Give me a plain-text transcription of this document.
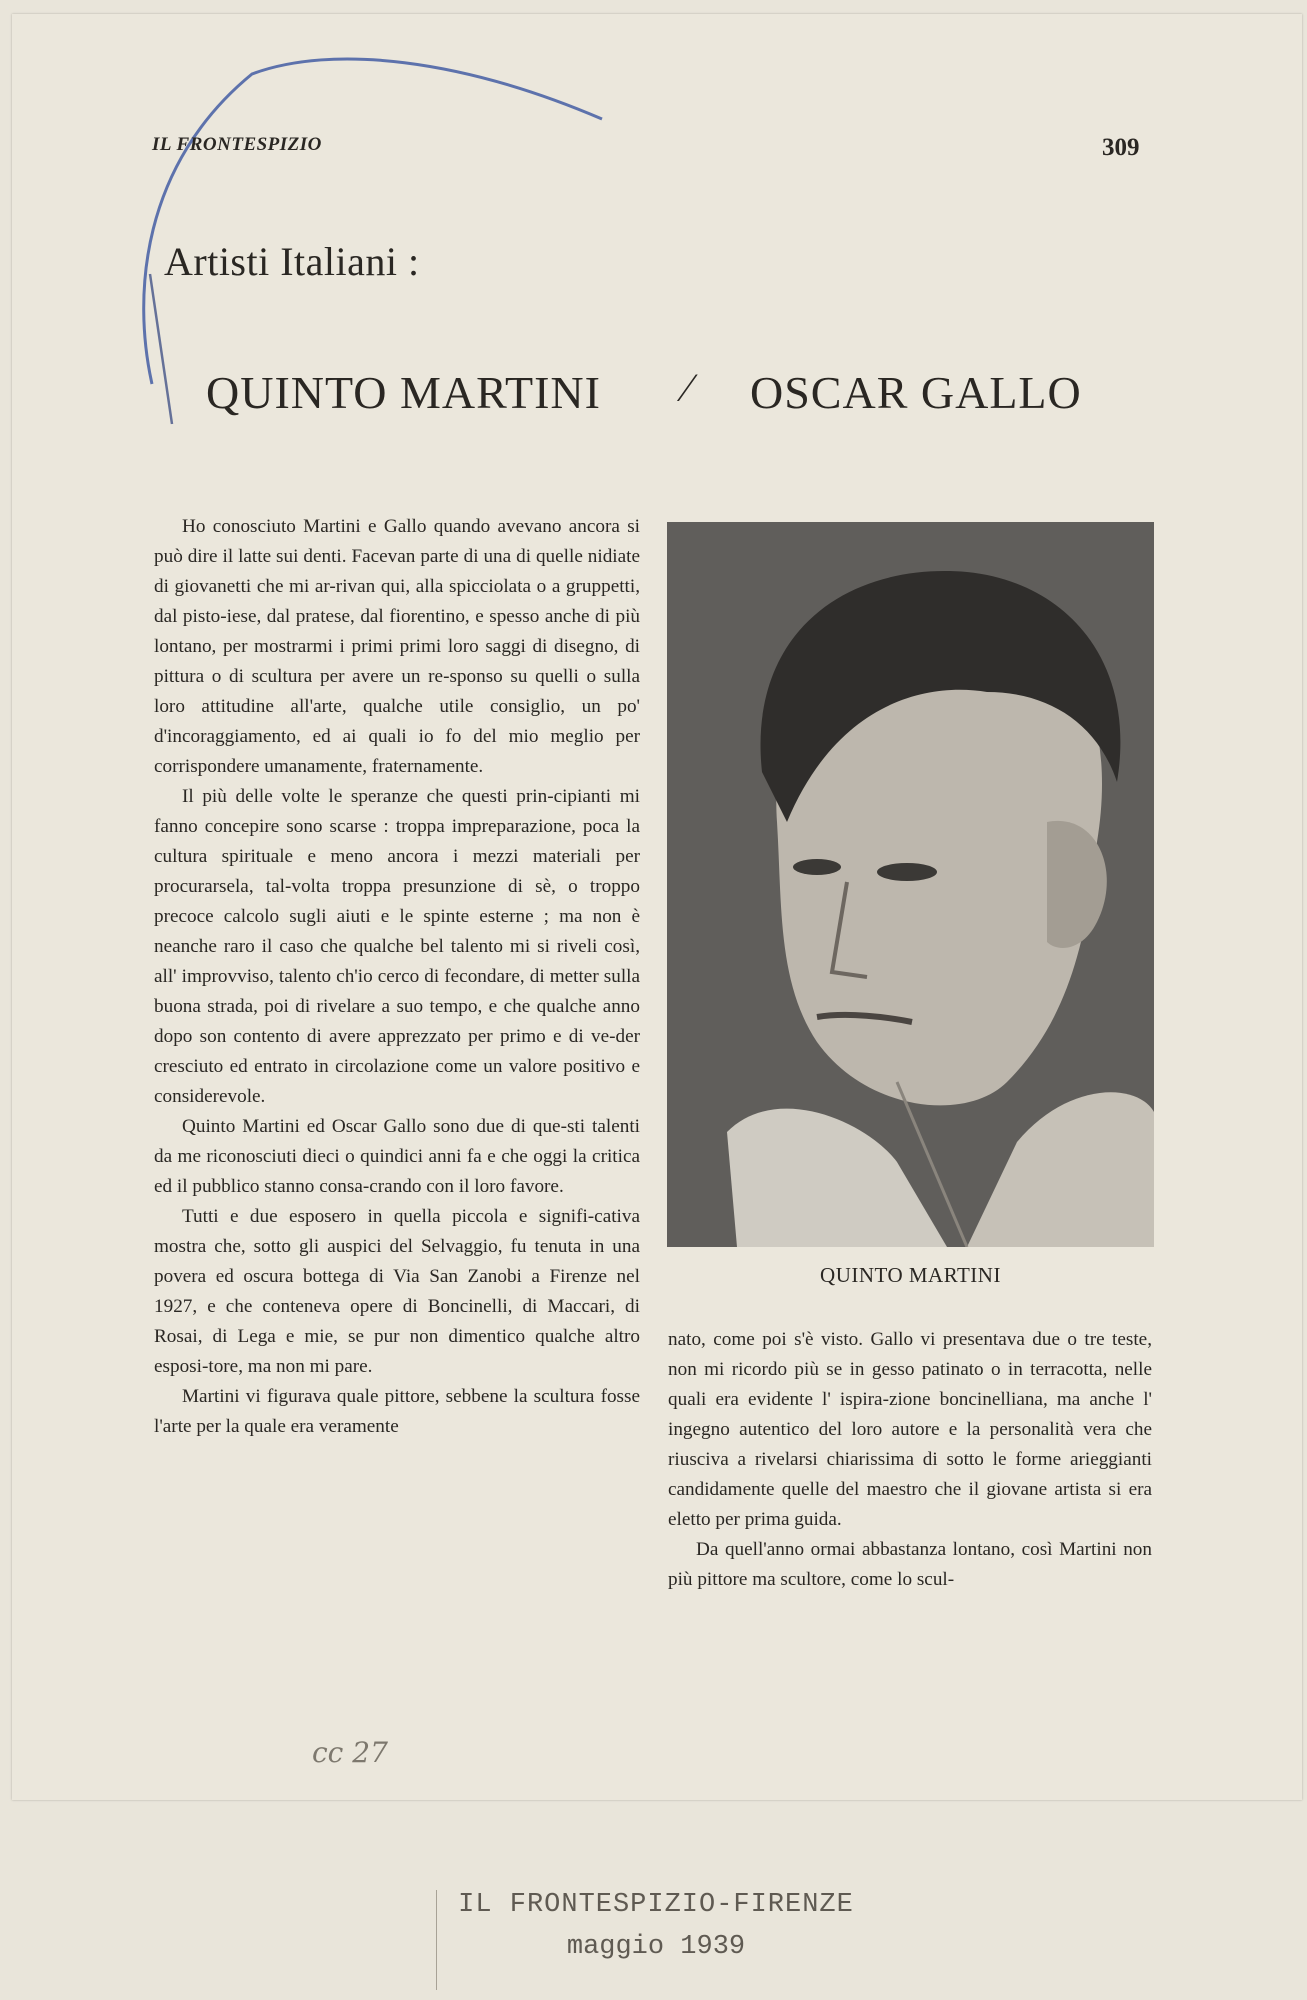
IL FRONTESPIZIO	309
Artisti Italiani :
QUINTO MARTINI ⁄ OSCAR GALLO

Ho conosciuto Martini e Gallo quando avevano ancora si può dire il latte sui denti. Facevan parte di una di quelle nidiate di giovanetti che mi ar-rivan qui, alla spicciolata o a gruppetti, dal pisto-iese, dal pratese, dal fiorentino, e spesso anche di più lontano, per mostrarmi i primi primi loro saggi di disegno, di pittura o di scultura per avere un re-sponso su quelli o sulla loro attitudine all'arte, qualche utile consiglio, un po' d'incoraggiamento, ed ai quali io fo del mio meglio per corrispondere umanamente, fraternamente.

Il più delle volte le speranze che questi prin-cipianti mi fanno concepire sono scarse : troppa impreparazione, poca la cultura spirituale e meno ancora i mezzi materiali per procurarsela, tal-volta troppa presunzione di sè, o troppo precoce calcolo sugli aiuti e le spinte esterne ; ma non è neanche raro il caso che qualche bel talento mi si riveli così, all' improvviso, talento ch'io cerco di fecondare, di metter sulla buona strada, poi di rivelare a suo tempo, e che qualche anno dopo son contento di avere apprezzato per primo e di ve-der cresciuto ed entrato in circolazione come un valore positivo e considerevole.

Quinto Martini ed Oscar Gallo sono due di que-sti talenti da me riconosciuti dieci o quindici anni fa e che oggi la critica ed il pubblico stanno consa-crando con il loro favore.

Tutti e due esposero in quella piccola e signifi-cativa mostra che, sotto gli auspici del Selvaggio, fu tenuta in una povera ed oscura bottega di Via San Zanobi a Firenze nel 1927, e che conteneva opere di Boncinelli, di Maccari, di Rosai, di Lega e mie, se pur non dimentico qualche altro esposi-tore, ma non mi pare.

Martini vi figurava quale pittore, sebbene la scultura fosse l'arte per la quale era veramente

QUINTO MARTINI

nato, come poi s'è visto. Gallo vi presentava due o tre teste, non mi ricordo più se in gesso patinato o in terracotta, nelle quali era evidente l' ispira-zione boncinelliana, ma anche l' ingegno autentico del loro autore e la personalità vera che riusciva a rivelarsi chiarissima di sotto le forme arieggianti candidamente quelle del maestro che il giovane artista si era eletto per prima guida.

Da quell'anno ormai abbastanza lontano, così Martini non più pittore ma scultore, come lo scul-

cc 27
IL FRONTESPIZIO-FIRENZE
maggio 1939
